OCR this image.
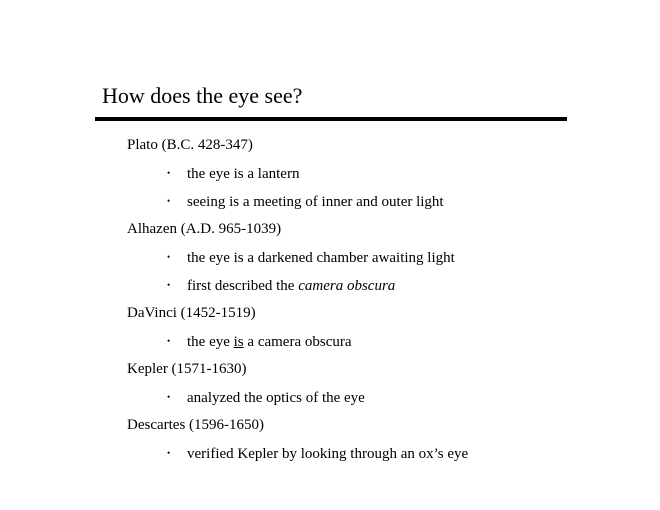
How does the eye see?
Plato (B.C. 428-347)
• the eye is a lantern
• seeing is a meeting of inner and outer light
Alhazen (A.D. 965-1039)
• the eye is a darkened chamber awaiting light
• first described the camera obscura
DaVinci (1452-1519)
• the eye is a camera obscura
Kepler (1571-1630)
• analyzed the optics of the eye
Descartes (1596-1650)
• verified Kepler by looking through an ox’s eye
